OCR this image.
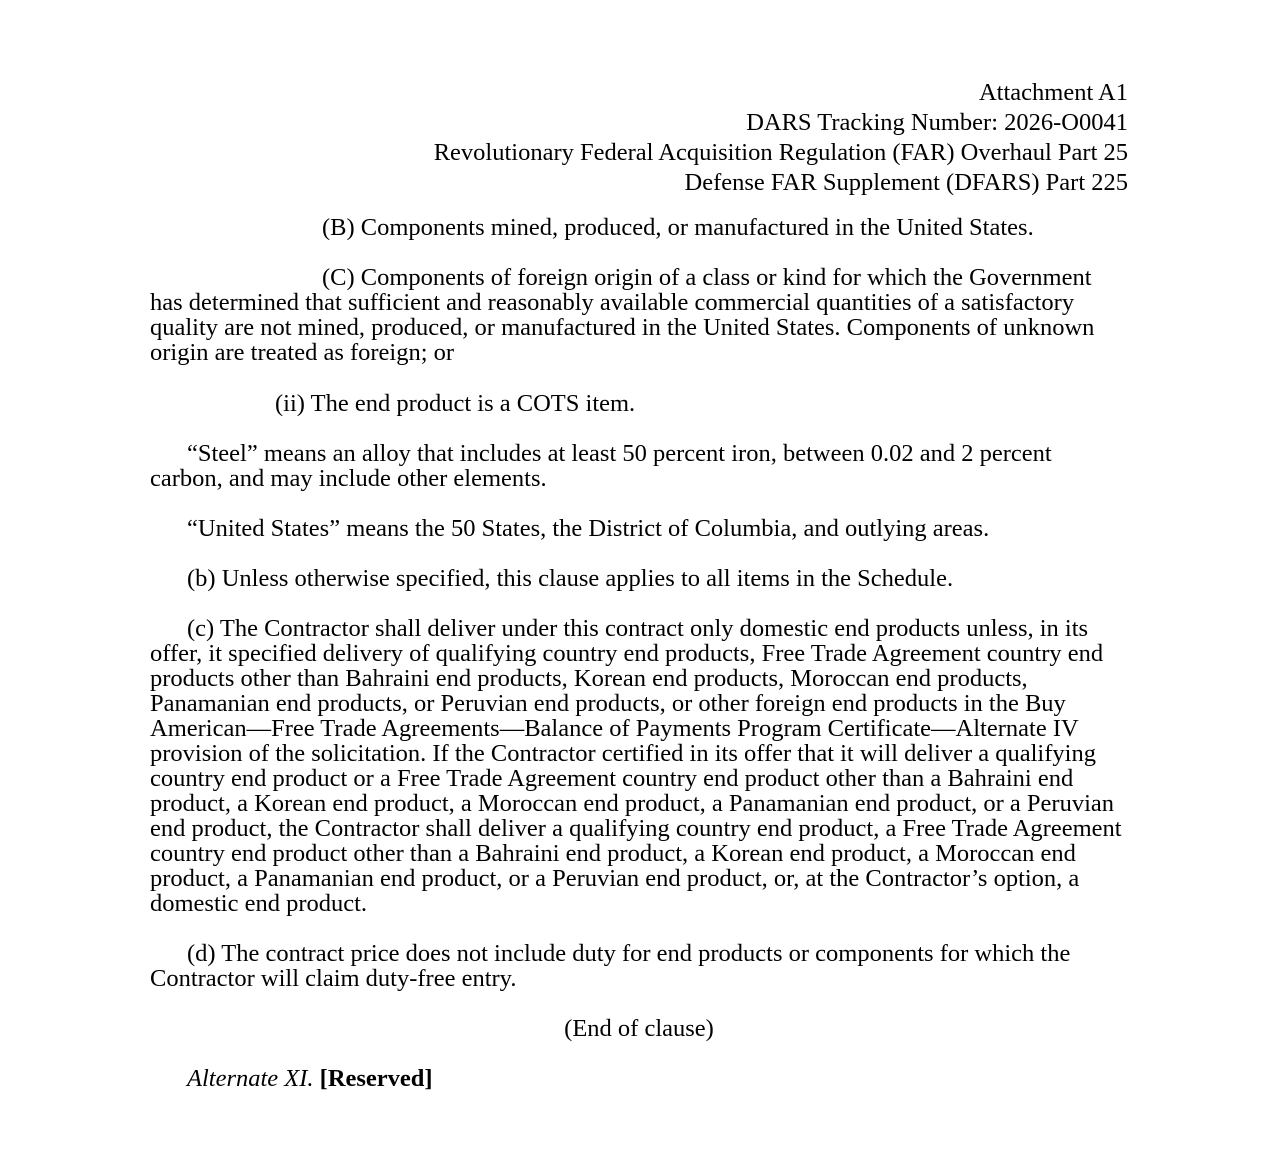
Attachment A1
DARS Tracking Number: 2026-O0041
Revolutionary Federal Acquisition Regulation (FAR) Overhaul Part 25
Defense FAR Supplement (DFARS) Part 225

(B) Components mined, produced, or manufactured in the United States.

(C) Components of foreign origin of a class or kind for which the Government has determined that sufficient and reasonably available commercial quantities of a satisfactory quality are not mined, produced, or manufactured in the United States. Components of unknown origin are treated as foreign; or

(ii) The end product is a COTS item.

“Steel” means an alloy that includes at least 50 percent iron, between 0.02 and 2 percent carbon, and may include other elements.

“United States” means the 50 States, the District of Columbia, and outlying areas.

(b) Unless otherwise specified, this clause applies to all items in the Schedule.

(c) The Contractor shall deliver under this contract only domestic end products unless, in its offer, it specified delivery of qualifying country end products, Free Trade Agreement country end products other than Bahraini end products, Korean end products, Moroccan end products, Panamanian end products, or Peruvian end products, or other foreign end products in the Buy American—Free Trade Agreements—Balance of Payments Program Certificate—Alternate IV provision of the solicitation. If the Contractor certified in its offer that it will deliver a qualifying country end product or a Free Trade Agreement country end product other than a Bahraini end product, a Korean end product, a Moroccan end product, a Panamanian end product, or a Peruvian end product, the Contractor shall deliver a qualifying country end product, a Free Trade Agreement country end product other than a Bahraini end product, a Korean end product, a Moroccan end product, a Panamanian end product, or a Peruvian end product, or, at the Contractor’s option, a domestic end product.

(d) The contract price does not include duty for end products or components for which the Contractor will claim duty-free entry.

(End of clause)

Alternate XI. [Reserved]
